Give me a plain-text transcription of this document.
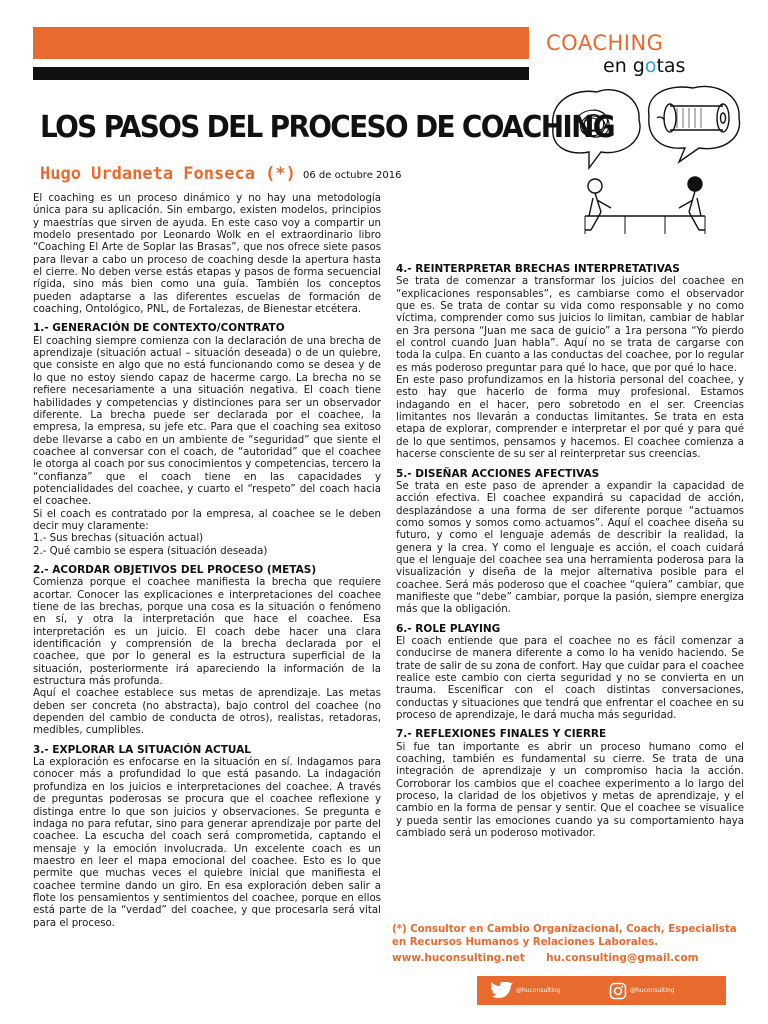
COACHING
en gotas
LOS PASOS DEL PROCESO DE COACHING
Hugo Urdaneta Fonseca (*) 06 de octubre 2016

El coaching es un proceso dinámico y no hay una metodología única para su aplicación. Sin embargo, existen modelos, principios y maestrías que sirven de ayuda. En este caso voy a compartir un modelo presentado por Leonardo Wolk en el extraordinario libro “Coaching El Arte de Soplar las Brasas”, que nos ofrece siete pasos para llevar a cabo un proceso de coaching desde la apertura hasta el cierre. No deben verse estás etapas y pasos de forma secuencial rígida, sino más bien como una guía. También los conceptos pueden adaptarse a las diferentes escuelas de formación de coaching, Ontológico, PNL, de Fortalezas, de Bienestar etcétera.

1.- GENERACIÓN DE CONTEXTO/CONTRATO

El coaching siempre comienza con la declaración de una brecha de aprendizaje (situación actual – situación deseada) o de un quiebre, que consiste en algo que no está funcionando como se desea y de lo que no estoy siendo capaz de hacerme cargo. La brecha no se refiere necesariamente a una situación negativa. El coach tiene habilidades y competencias y distinciones para ser un observador diferente. La brecha puede ser declarada por el coachee, la empresa, la empresa, su jefe etc. Para que el coaching sea exitoso debe llevarse a cabo en un ambiente de “seguridad” que siente el coachee al conversar con el coach, de “autoridad” que el coachee le otorga al coach por sus conocimientos y competencias, tercero la “confianza” que el coach tiene en las capacidades y potencialidades del coachee, y cuarto el “respeto” del coach hacia el coachee.

Si el coach es contratado por la empresa, al coachee se le deben decir muy claramente:

1.- Sus brechas (situación actual)

2.- Qué cambio se espera (situación deseada)

2.- ACORDAR OBJETIVOS DEL PROCESO (METAS)

Comienza porque el coachee manifiesta la brecha que requiere acortar. Conocer las explicaciones e interpretaciones del coachee tiene de las brechas, porque una cosa es la situación o fenómeno en sí, y otra la interpretación que hace el coachee. Esa interpretación es un juicio. El coach debe hacer una clara identificación y comprensión de la brecha declarada por el coachee, que por lo general es la estructura superficial de la situación, posteriormente irá apareciendo la información de la estructura más profunda.

Aquí el coachee establece sus metas de aprendizaje. Las metas deben ser concreta (no abstracta), bajo control del coachee (no dependen del cambio de conducta de otros), realistas, retadoras, medibles, cumplibles.

3.- EXPLORAR LA SITUACIÓN ACTUAL

La exploración es enfocarse en la situación en sí. Indagamos para conocer más a profundidad lo que está pasando. La indagación profundiza en los juicios e interpretaciones del coachee. A través de preguntas poderosas se procura que el coachee reflexione y distinga entre lo que son juicios y observaciones. Se pregunta e indaga no para refutar, sino para generar aprendizaje por parte del coachee. La escucha del coach será comprometida, captando el mensaje y la emoción involucrada. Un excelente coach es un maestro en leer el mapa emocional del coachee. Esto es lo que permite que muchas veces el quiebre inicial que manifiesta el coachee termine dando un giro. En esa exploración deben salir a flote los pensamientos y sentimientos del coachee, porque en ellos está parte de la “verdad” del coachee, y que procesarla será vital para el proceso.

4.- REINTERPRETAR BRECHAS INTERPRETATIVAS

Se trata de comenzar a transformar los juicios del coachee en “explicaciones responsables”, es cambiarse como el observador que es. Se trata de contar su vida como responsable y no como víctima, comprender como sus juicios lo limitan, cambiar de hablar en 3ra persona “Juan me saca de guicio” a 1ra persona “Yo pierdo el control cuando Juan habla”. Aquí no se trata de cargarse con toda la culpa. En cuanto a las conductas del coachee, por lo regular es más poderoso preguntar para qué lo hace, que por qué lo hace.

En este paso profundizamos en la historia personal del coachee, y esto hay que hacerlo de forma muy profesional. Estamos indagando en el hacer, pero sobretodo en el ser. Creencias limitantes nos llevarán a conductas limitantes. Se trata en esta etapa de explorar, comprender e interpretar el por qué y para qué de lo que sentimos, pensamos y hacemos. El coachee comienza a hacerse consciente de su ser al reinterpretar sus creencias.

5.- DISEÑAR ACCIONES AFECTIVAS

Se trata en este paso de aprender a expandir la capacidad de acción efectiva. El coachee expandirá su capacidad de acción, desplazándose a una forma de ser diferente porque “actuamos como somos y somos como actuamos”. Aquí el coachee diseña su futuro, y como el lenguaje además de describir la realidad, la genera y la crea. Y como el lenguaje es acción, el coach cuidará que el lenguaje del coachee sea una herramienta poderosa para la visualización y diseña de la mejor alternativa posible para el coachee. Será más poderoso que el coachee “quiera” cambiar, que manifieste que “debe” cambiar, porque la pasión, siempre energiza más que la obligación.

6.- ROLE PLAYING

El coach entiende que para el coachee no es fácil comenzar a conducirse de manera diferente a como lo ha venido haciendo. Se trate de salir de su zona de confort. Hay que cuidar para el coachee realice este cambio con cierta seguridad y no se convierta en un trauma. Escenificar con el coach distintas conversaciones, conductas y situaciones que tendrá que enfrentar el coachee en su proceso de aprendizaje, le dará mucha más seguridad.

7.- REFLEXIONES FINALES Y CIERRE

Si fue tan importante es abrir un proceso humano como el coaching, también es fundamental su cierre. Se trata de una integración de aprendizaje y un compromiso hacia la acción. Corroborar los cambios que el coachee experimento a lo largo del proceso, la claridad de los objetivos y metas de aprendizaje, y el cambio en la forma de pensar y sentir. Que el coachee se visualice y pueda sentir las emociones cuando ya su comportamiento haya cambiado será un poderoso motivador.

(*) Consultor en Cambio Organizacional, Coach, Especialista en Recursos Humanos y Relaciones Laborales.
www.huconsulting.net hu.consulting@gmail.com
@huconsulting	@huconsulting
